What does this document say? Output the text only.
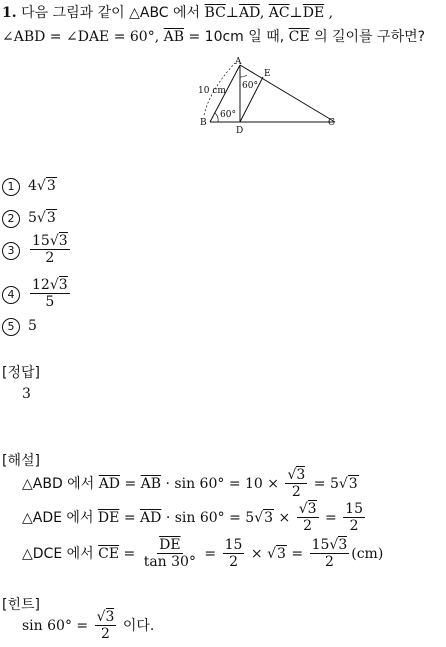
1. 다음 그림과 같이 △ABC 에서 $\overline{BC}\perp\overline{AD}$, $\overline{AC}\perp\overline{DE}$ ,
∠ABD = ∠DAE = 60°, $\overline{AB} = 10cm$ 일 때, $\overline{CE}$ 의 길이를 구하면?
A
E
B
D
C
10 cm 60°
60°
1 4√3
2 5√3
$3 \frac{15√3}{2}$
$4 \frac{12√3}{5}$
5 5
[정답]
3
[해설]
△ABD 에서 $\overline{AD} = \overline{AB} \cdot \sin 60^\circ = 10 \times \frac{√3}{2} = 5√3$
△ADE 에서 $\overline{DE} = \overline{AD} \cdot \sin 60^\circ = 5√3 \times \frac{√3}{2} = \frac{15}{2}$
△DCE 에서 $\overline{CE} = \frac{\overline{DE}}{\tan 30^\circ} = \frac{15}{2} \times √3 = \frac{15√3}{2} (cm)$
[힌트]
$\sin 60^\circ = \frac{√3}{2}$ 이다.
